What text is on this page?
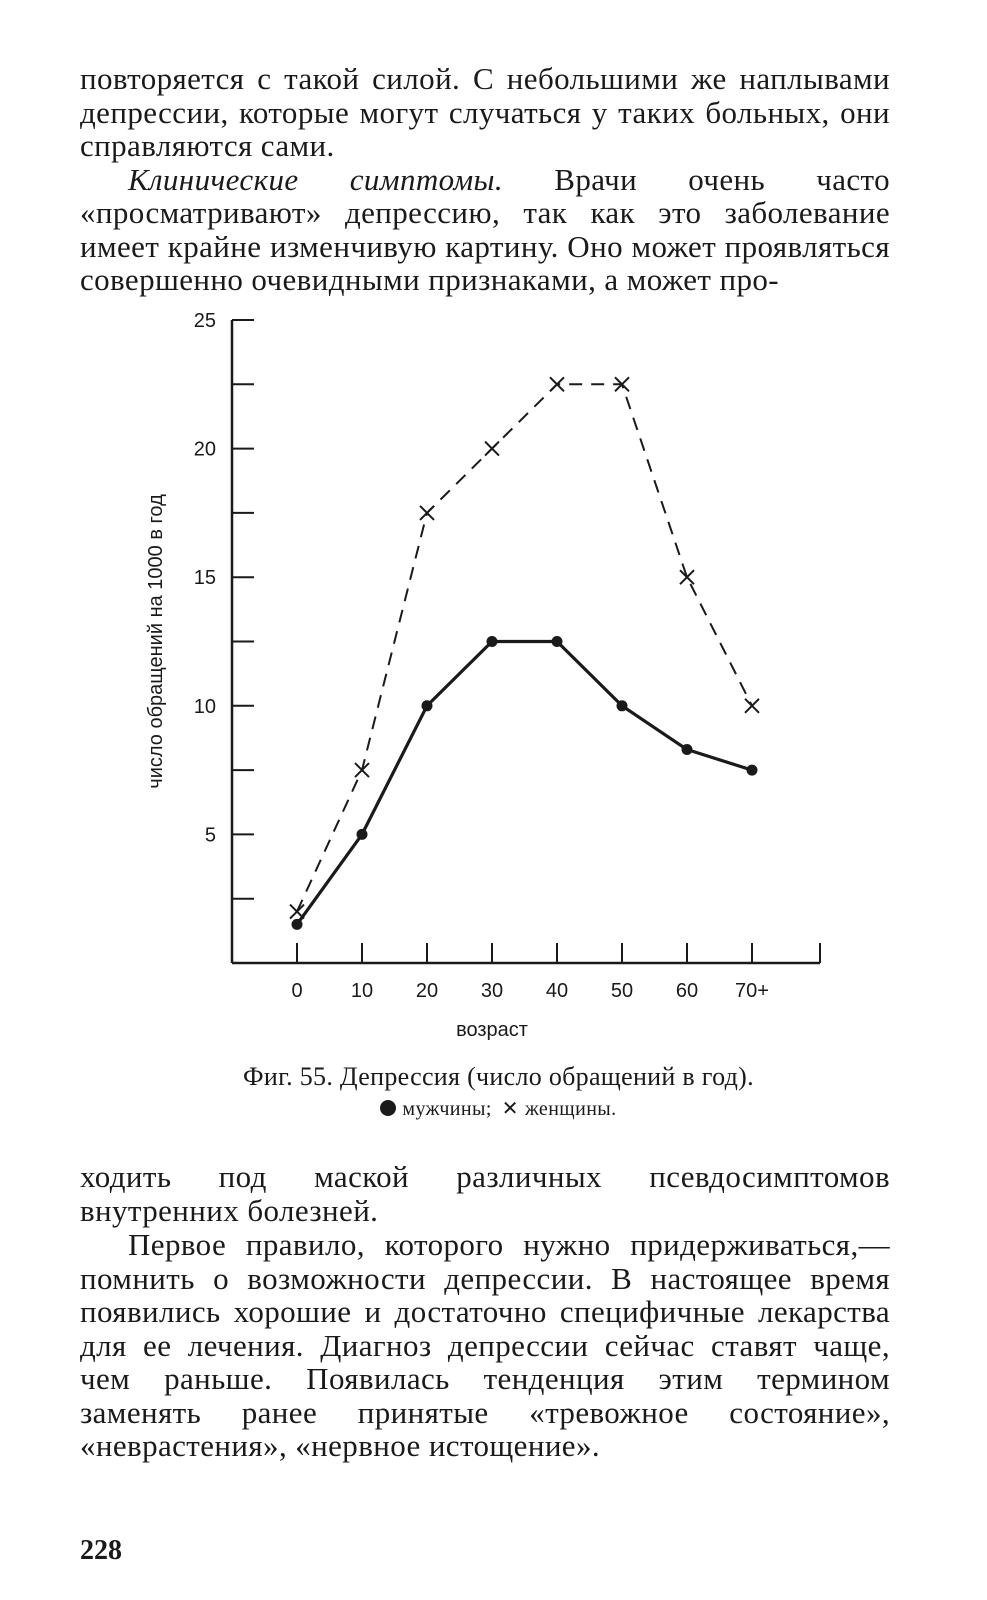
повторяется с такой силой. С небольшими же наплывами депрессии, которые могут случаться у таких больных, они справляются сами.
Клинические симптомы. Врачи очень часто «просматривают» депрессию, так как это заболевание имеет крайне изменчивую картину. Оно может проявляться совершенно очевидными признаками, а может про-

5
10
15
20
25
0 10 20 30 40 50 60 70+
возраст
число обращений на 1000 в год

Фиг. 55. Депрессия (число обращений в год).

мужчины; ✕ женщины.

ходить под маской различных псевдосимптомов внутренних болезней.

Первое правило, которого нужно придерживаться,— помнить о возможности депрессии. В настоящее время появились хорошие и достаточно специфичные лекарства для ее лечения. Диагноз депрессии сейчас ставят чаще, чем раньше. Появилась тенденция этим термином заменять ранее принятые «тревожное состояние», «неврастения», «нервное истощение».

228
